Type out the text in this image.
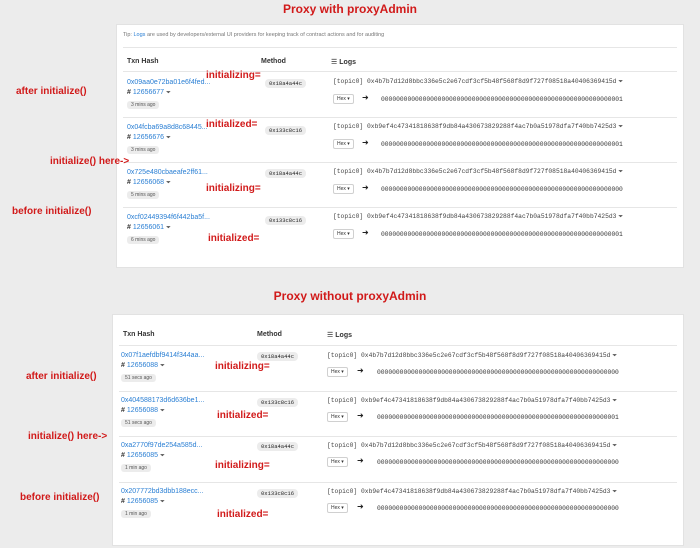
Proxy with proxyAdmin
Tip: Logs are used by developers/external UI providers for keeping track of contract actions and for auditing
Txn Hash	Method	☰ Logs
0x09aa0e72ba01e6f4fed...
# 12656677 ⏷
3 mins ago
0x18a4a44c	[topic0] 0x4b7b7d12d8bbc336e5c2e67cdf3cf5b48f568f8d9f727f08518a40406369415d ⏷
Hex ▾	➜ 0000000000000000000000000000000000000000000000000000000000000001
0x04fcba69a8d8c68445...
# 12656676 ⏷
3 mins ago
0x133c8c16
[topic0] 0xb9ef4c47341818638f9db84a430673829288f4ac7b0a51978dfa7f40bb7425d3 ⏷
Hex ▾	➜ 0000000000000000000000000000000000000000000000000000000000000001
0x725e480cbaeafe2ff61...
# 12656068 ⏷
5 mins ago
0x18a4a44c	[topic0] 0x4b7b7d12d8bbc336e5c2e67cdf3cf5b48f568f8d9f727f08518a40406369415d ⏷
Hex ▾	➜ 0000000000000000000000000000000000000000000000000000000000000000
0xcf02449394f6f442ba5f...
# 12656061 ⏷
6 mins ago
0x133c8c16
[topic0] 0xb9ef4c47341818638f9db84a430673829288f4ac7b0a51978dfa7f40bb7425d3 ⏷
Hex ▾	➜ 0000000000000000000000000000000000000000000000000000000000000001
initializing=
initialized=
initializing=
initialized=
after initialize()
initialize() here->
before initialize()
Proxy without proxyAdmin
Txn Hash	Method	☰ Logs
0x07f1aefdbf9414f344aa...
# 12656088 ⏷
51 secs ago
0x18a4a44c	[topic0] 0x4b7b7d12d8bbc336e5c2e67cdf3cf5b48f568f8d9f727f08518a40406369415d ⏷
Hex ▾	➜ 0000000000000000000000000000000000000000000000000000000000000000
0x404588173d6d636be1...
# 12656088 ⏷
51 secs ago
0x133c8c16	[topic0] 0xb9ef4c47341818638f9db84a430673829288f4ac7b0a51978dfa7f40bb7425d3 ⏷
Hex ▾	➜ 0000000000000000000000000000000000000000000000000000000000000001
0xa2770f97de254a585d...
# 12656085 ⏷
1 min ago
0x18a4a44c	[topic0] 0x4b7b7d12d8bbc336e5c2e67cdf3cf5b48f568f8d9f727f08518a40406369415d ⏷
Hex ▾	➜ 0000000000000000000000000000000000000000000000000000000000000000
0x207772bd3dbb188ecc...
# 12656085 ⏷
1 min ago
0x133c8c16	[topic0] 0xb9ef4c47341818638f9db84a430673829288f4ac7b0a51978dfa7f40bb7425d3 ⏷
Hex ▾	➜ 0000000000000000000000000000000000000000000000000000000000000000
initializing=
initialized=
initializing=
initialized=
after initialize()
initialize() here->
before initialize()
